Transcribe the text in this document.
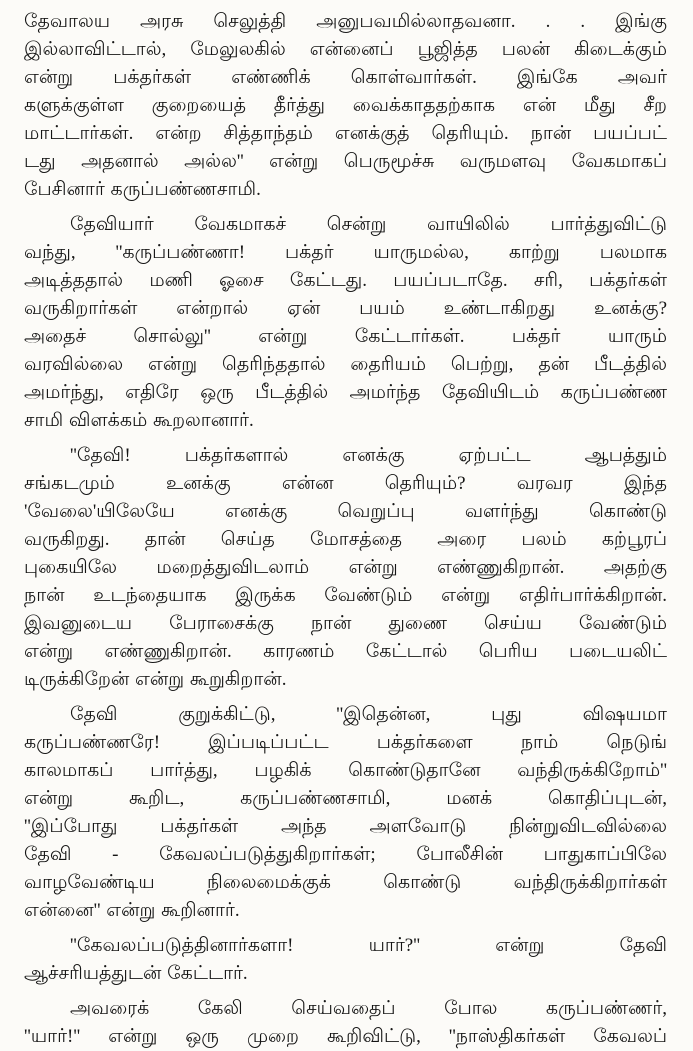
தேவாலய அரசு செலுத்தி அனுபவமில்லாதவனா. . . இங்கு
இல்லாவிட்டால், மேலுலகில் என்னைப் பூஜித்த பலன் கிடைக்கும்
என்று பக்தர்கள் எண்ணிக் கொள்வார்கள். இங்கே அவர்
களுக்குள்ள குறையைத் தீர்த்து வைக்காததற்காக என் மீது சீற
மாட்டார்கள். என்ற சித்தாந்தம் எனக்குத் தெரியும். நான் பயப்பட்
டது அதனால் அல்ல'' என்று பெருமூச்சு வருமளவு வேகமாகப்
பேசினார் கருப்பண்ணசாமி.
தேவியார் வேகமாகச் சென்று வாயிலில் பார்த்துவிட்டு
வந்து, ''கருப்பண்ணா! பக்தர் யாருமல்ல, காற்று பலமாக
அடித்ததால் மணி ஓசை கேட்டது. பயப்படாதே. சரி, பக்தர்கள்
வருகிறார்கள் என்றால் ஏன் பயம் உண்டாகிறது உனக்கு?
அதைச் சொல்லு'' என்று கேட்டார்கள். பக்தர் யாரும்
வரவில்லை என்று தெரிந்ததால் தைரியம் பெற்று, தன் பீடத்தில்
அமர்ந்து, எதிரே ஒரு பீடத்தில் அமர்ந்த தேவியிடம் கருப்பண்ண
சாமி விளக்கம் கூறலானார்.
''தேவி! பக்தர்களால் எனக்கு ஏற்பட்ட ஆபத்தும்
சங்கடமும் உனக்கு என்ன தெரியும்? வரவர இந்த
'வேலை'யிலேயே எனக்கு வெறுப்பு வளர்ந்து கொண்டு
வருகிறது. தான் செய்த மோசத்தை அரை பலம் கற்பூரப்
புகையிலே மறைத்துவிடலாம் என்று எண்ணுகிறான். அதற்கு
நான் உடந்தையாக இருக்க வேண்டும் என்று எதிர்பார்க்கிறான்.
இவனுடைய பேராசைக்கு நான் துணை செய்ய வேண்டும்
என்று எண்ணுகிறான். காரணம் கேட்டால் பெரிய படையலிட்
டிருக்கிறேன் என்று கூறுகிறான்.
தேவி குறுக்கிட்டு, ''இதென்ன, புது விஷயமா
கருப்பண்ணரே! இப்படிப்பட்ட பக்தர்களை நாம் நெடுங்
காலமாகப் பார்த்து, பழகிக் கொண்டுதானே வந்திருக்கிறோம்''
என்று கூறிட, கருப்பண்ணசாமி, மனக் கொதிப்புடன்,
''இப்போது பக்தர்கள் அந்த அளவோடு நின்றுவிடவில்லை
தேவி - கேவலப்படுத்துகிறார்கள்; போலீசின் பாதுகாப்பிலே
வாழவேண்டிய நிலைமைக்குக் கொண்டு வந்திருக்கிறார்கள்
என்னை'' என்று கூறினார்.
''கேவலப்படுத்தினார்களா! யார்?'' என்று தேவி
ஆச்சரியத்துடன் கேட்டார்.
அவரைக் கேலி செய்வதைப் போல கருப்பண்ணர்,
''யார்!'' என்று ஒரு முறை கூறிவிட்டு, ''நாஸ்திகர்கள் கேவலப்
